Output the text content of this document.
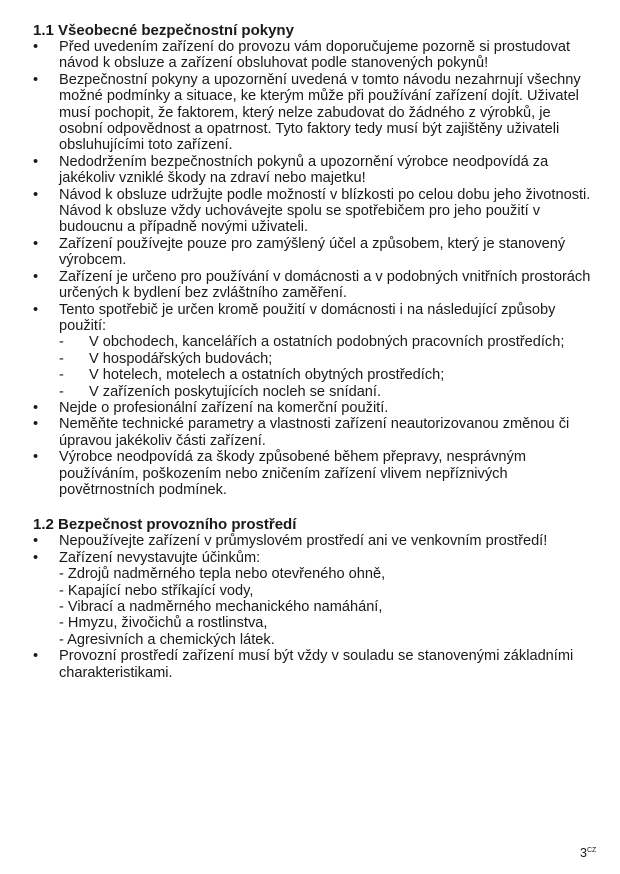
1.1 Všeobecné bezpečnostní pokyny
•	Před uvedením zařízení do provozu vám doporučujeme pozorně si prostudovat návod k obsluze a zařízení obsluhovat podle stanovených pokynů!
•	Bezpečnostní pokyny a upozornění uvedená v tomto návodu nezahrnují všechny možné podmínky a situace, ke kterým může při používání zařízení dojít. Uživatel musí pochopit, že faktorem, který nelze zabudovat do žádného z výrobků, je osobní odpovědnost a opatrnost. Tyto faktory tedy musí být zajištěny uživateli obsluhujícími toto zařízení.
•	Nedodržením bezpečnostních pokynů a upozornění výrobce neodpovídá za jakékoliv vzniklé škody na zdraví nebo majetku!
•	Návod k obsluze udržujte podle možností v blízkosti po celou dobu jeho životnosti. Návod k obsluze vždy uchovávejte spolu se spotřebičem pro jeho použití v budoucnu a případně novými uživateli.
•	Zařízení používejte pouze pro zamýšlený účel a způsobem, který je stanovený výrobcem.
•	Zařízení je určeno pro používání v domácnosti a v podobných vnitřních prostorách určených k bydlení bez zvláštního zaměření.
•	Tento spotřebič je určen kromě použití v domácnosti i na následující způsoby použití:
- V obchodech, kancelářích a ostatních podobných pracovních prostředích;
- V hospodářských budovách;
- V hotelech, motelech a ostatních obytných prostředích;
- V zařízeních poskytujících nocleh se snídaní.
•	Nejde o profesionální zařízení na komerční použití.
•	Neměňte technické parametry a vlastnosti zařízení neautorizovanou změnou či úpravou jakékoliv části zařízení.
•	Výrobce neodpovídá za škody způsobené během přepravy, nesprávným používáním, poškozením nebo zničením zařízení vlivem nepříznivých povětrnostních podmínek.
1.2 Bezpečnost provozního prostředí
•	Nepoužívejte zařízení v průmyslovém prostředí ani ve venkovním prostředí!
•	Zařízení nevystavujte účinkům:
- Zdrojů nadměrného tepla nebo otevřeného ohně,
- Kapající nebo stříkající vody,
- Vibrací a nadměrného mechanického namáhání,
- Hmyzu, živočichů a rostlinstva,
- Agresivních a chemických látek.
•	Provozní prostředí zařízení musí být vždy v souladu se stanovenými základními charakteristikami.
$3^{CZ}$
